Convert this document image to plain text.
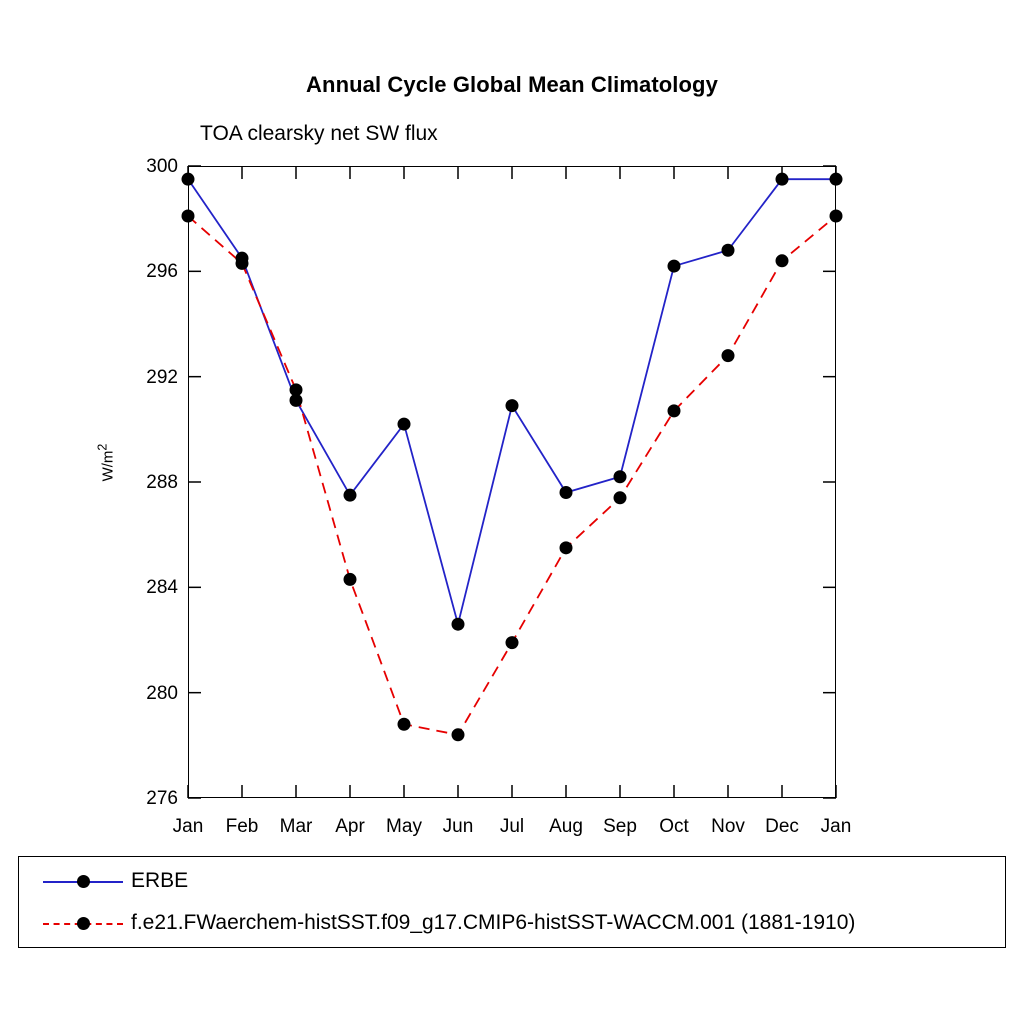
Annual Cycle Global Mean Climatology
TOA clearsky net SW flux
$W/m^2$
276
280
284
288
292
296
300
Jan	Feb	Mar	Apr	May	Jun	Jul	Aug	Sep	Oct	Nov	Dec	Jan
ERBE
f.e21.FWaerchem-histSST.f09_g17.CMIP6-histSST-WACCM.001 (1881-1910)
